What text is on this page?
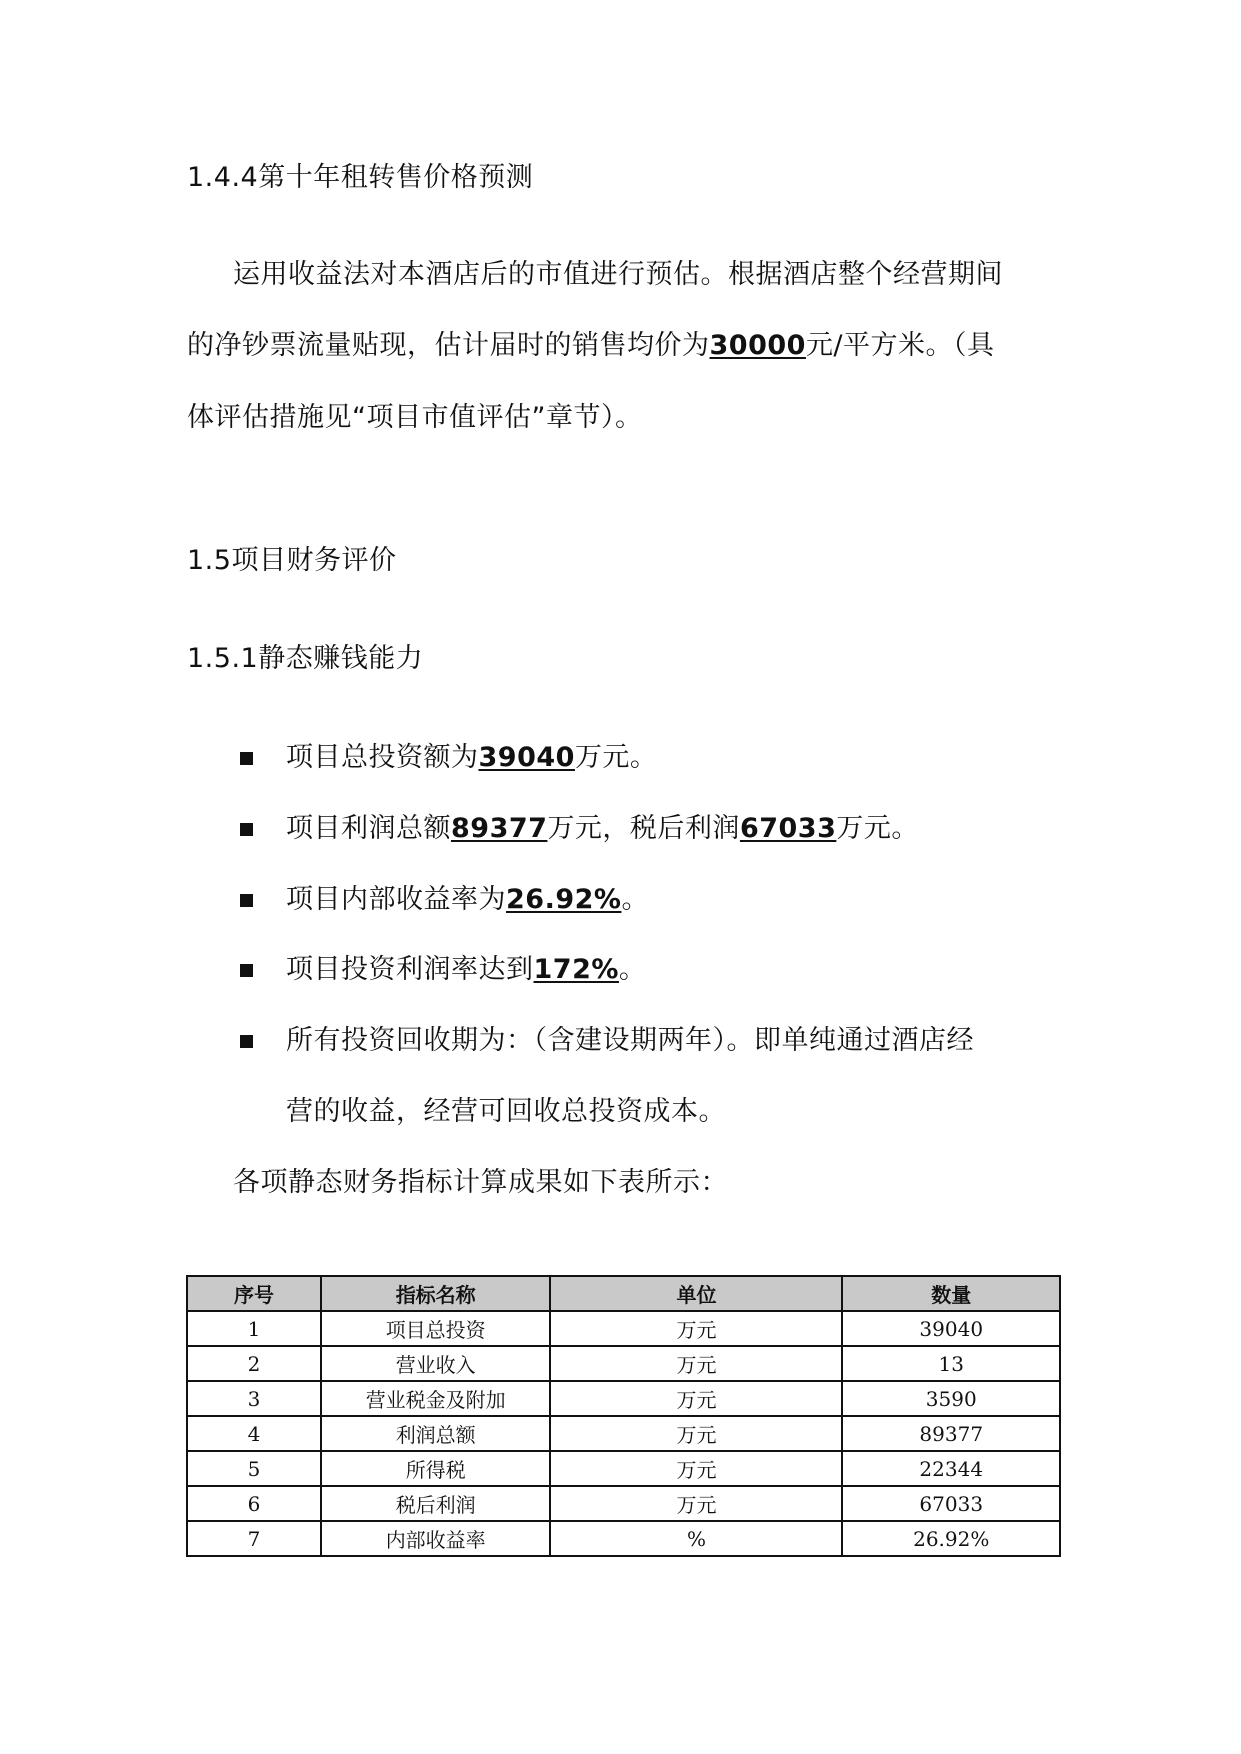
1.4.4第十年租转售价格预测
运用收益法对本酒店后的市值进行预估。根据酒店整个经营期间
的净钞票流量贴现，估计届时的销售均价为30000元/平方米。（具
体评估措施见“项目市值评估”章节）。
1.5项目财务评价
1.5.1静态赚钱能力
项目总投资额为39040万元。
项目利润总额89377万元，税后利润67033万元。
项目内部收益率为26.92%。
项目投资利润率达到172%。
所有投资回收期为：（含建设期两年）。即单纯通过酒店经
营的收益，经营可回收总投资成本。
各项静态财务指标计算成果如下表所示：
序号	指标名称	单位	数量
1	项目总投资	万元	39040
2	营业收入	万元	13
3	营业税金及附加	万元	3590
4	利润总额	万元	89377
5	所得税	万元	22344
6	税后利润	万元	67033
7	内部收益率	%	26.92%
